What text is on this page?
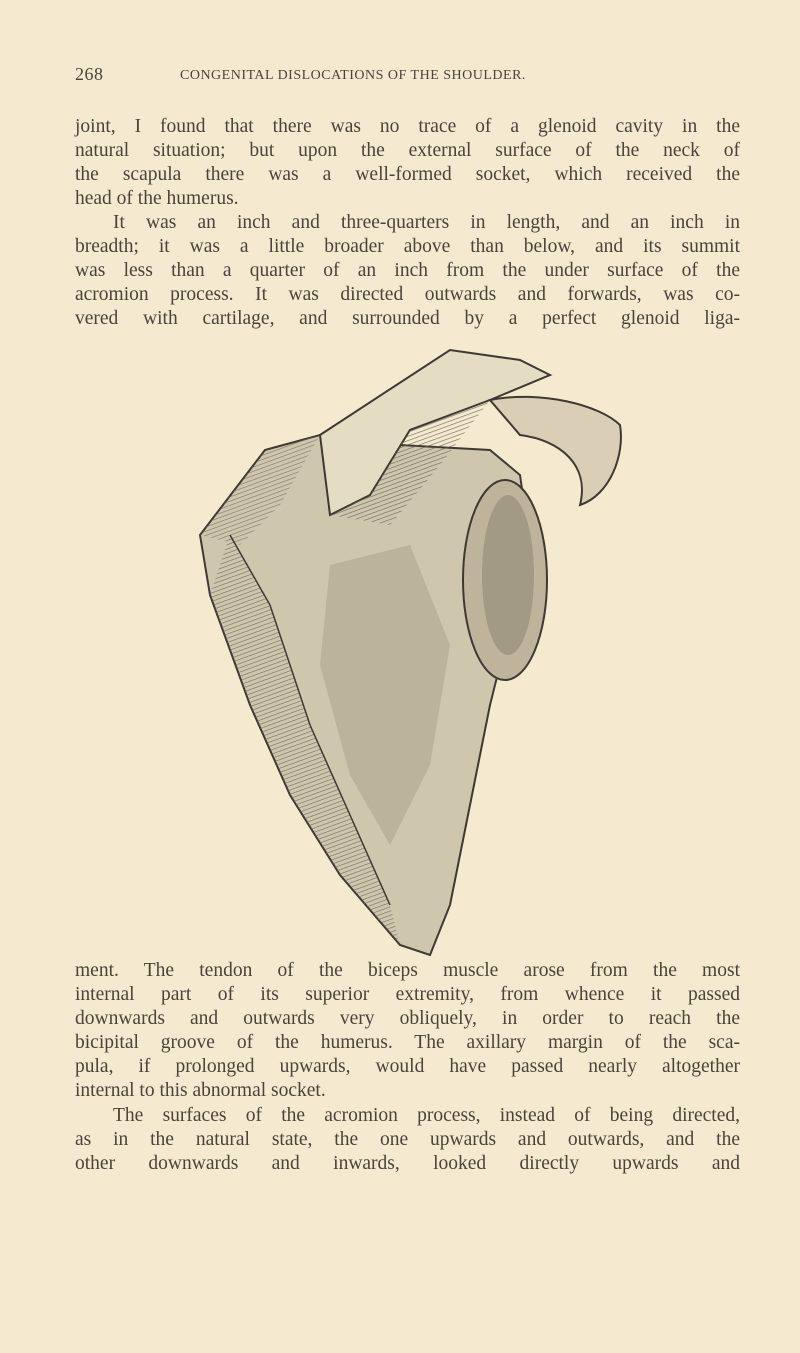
268	CONGENITAL DISLOCATIONS OF THE SHOULDER.
joint, I found that there was no trace of a glenoid cavity in the
natural situation; but upon the external surface of the neck of
the scapula there was a well-formed socket, which received the
head of the humerus.
It was an inch and three-quarters in length, and an inch in
breadth; it was a little broader above than below, and its summit
was less than a quarter of an inch from the under surface of the
acromion process. It was directed outwards and forwards, was co-
vered with cartilage, and surrounded by a perfect glenoid liga-
ment. The tendon of the biceps muscle arose from the most
internal part of its superior extremity, from whence it passed
downwards and outwards very obliquely, in order to reach the
bicipital groove of the humerus. The axillary margin of the sca-
pula, if prolonged upwards, would have passed nearly altogether
internal to this abnormal socket.
The surfaces of the acromion process, instead of being directed,
as in the natural state, the one upwards and outwards, and the
other downwards and inwards, looked directly upwards and
